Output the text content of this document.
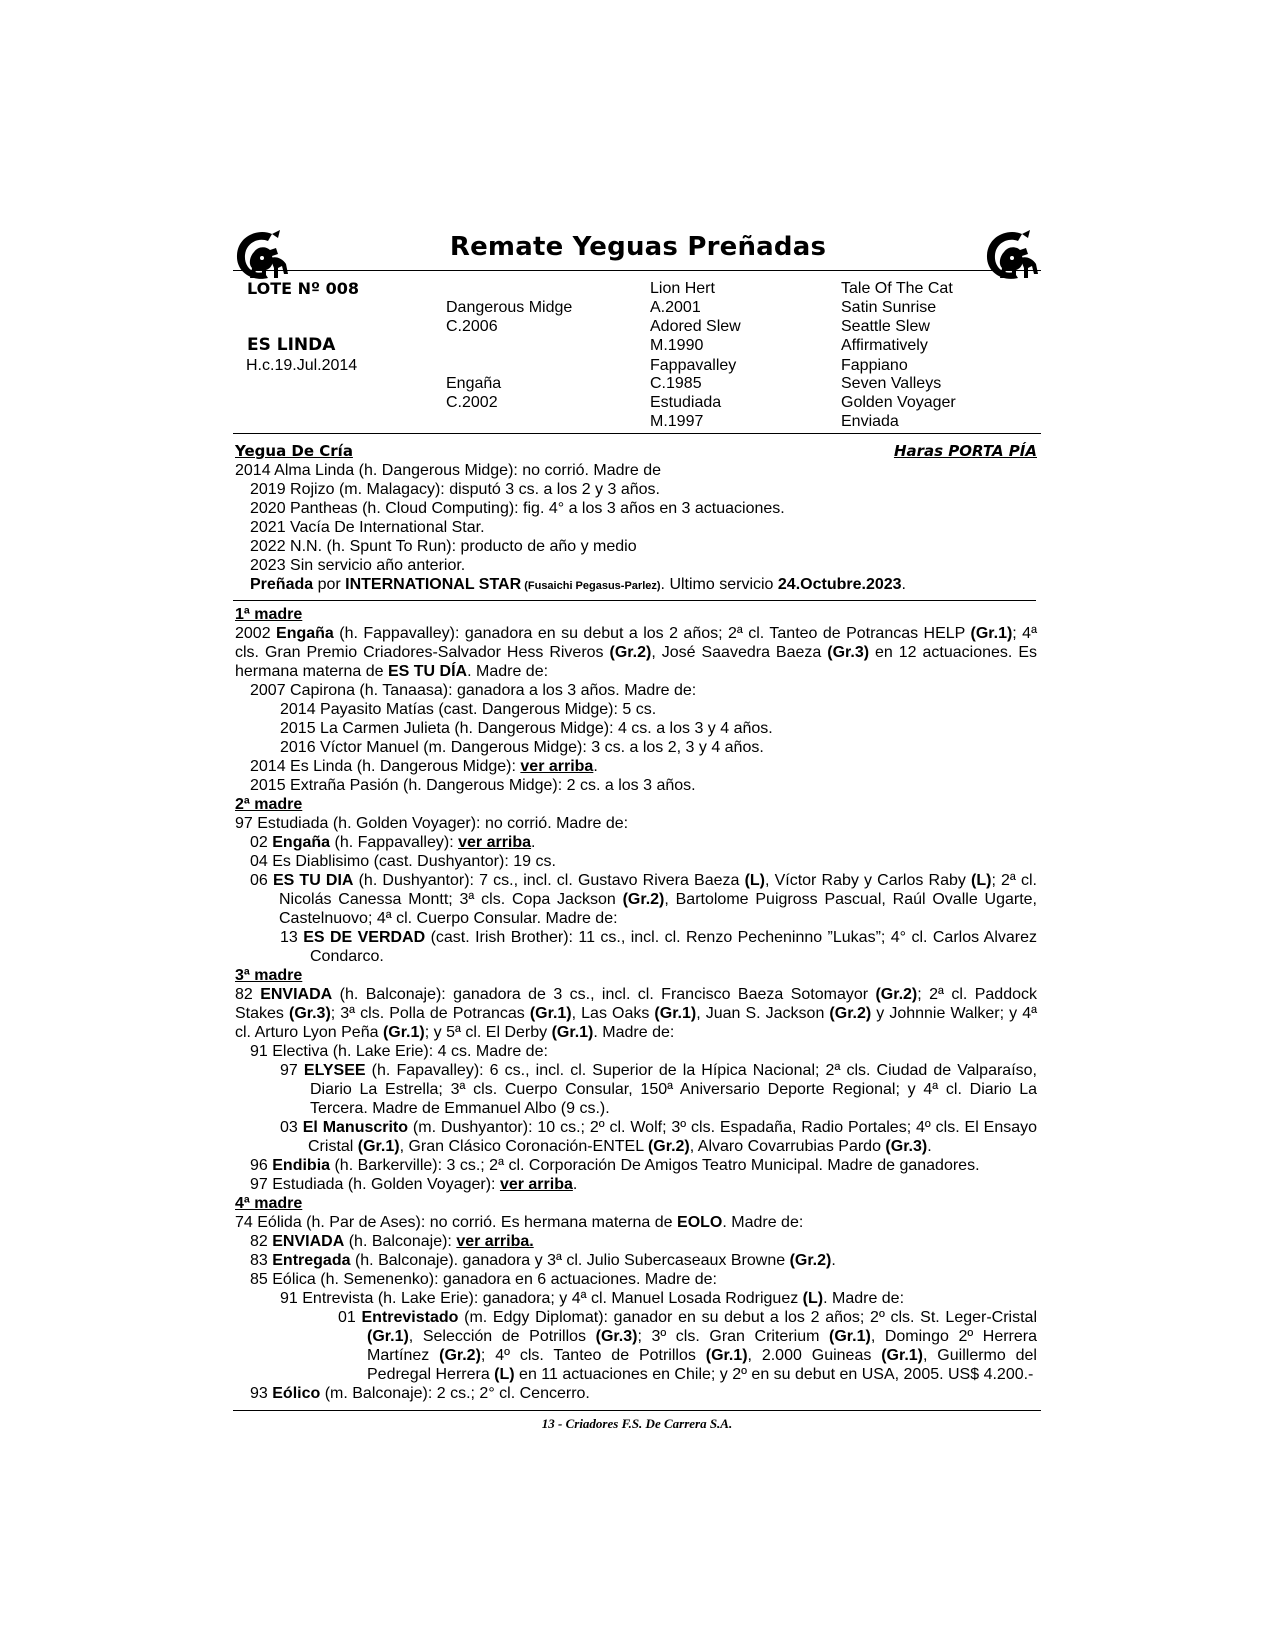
Remate Yeguas Preñadas
LOTE Nº 008
ES LINDA
H.c.19.Jul.2014
Dangerous Midge
C.2006
Engaña
C.2002
Lion Hert
A.2001
Adored Slew
M.1990
Fappavalley
C.1985
Estudiada
M.1997
Tale Of The Cat
Satin Sunrise
Seattle Slew
Affirmatively
Fappiano
Seven Valleys
Golden Voyager
Enviada
Yegua De Cría	Haras PORTA PÍA
2014 Alma Linda (h. Dangerous Midge): no corrió. Madre de
2019 Rojizo (m. Malagacy): disputó 3 cs. a los 2 y 3 años.
2020 Pantheas (h. Cloud Computing): fig. 4° a los 3 años en 3 actuaciones.
2021 Vacía De International Star.
2022 N.N. (h. Spunt To Run): producto de año y medio
2023 Sin servicio año anterior.
Preñada por INTERNATIONAL STAR (Fusaichi Pegasus-Parlez). Ultimo servicio 24.Octubre.2023.
1ª madre
2002 Engaña (h. Fappavalley): ganadora en su debut a los 2 años; 2ª cl. Tanteo de Potrancas HELP (Gr.1); 4ª cls. Gran Premio Criadores-Salvador Hess Riveros (Gr.2), José Saavedra Baeza (Gr.3) en 12 actuaciones. Es hermana materna de ES TU DÍA. Madre de:
2007 Capirona (h. Tanaasa): ganadora a los 3 años. Madre de:
2014 Payasito Matías (cast. Dangerous Midge): 5 cs.
2015 La Carmen Julieta (h. Dangerous Midge): 4 cs. a los 3 y 4 años.
2016 Víctor Manuel (m. Dangerous Midge): 3 cs. a los 2, 3 y 4 años.
2014 Es Linda (h. Dangerous Midge): ver arriba.
2015 Extraña Pasión (h. Dangerous Midge): 2 cs. a los 3 años.
2ª madre
97 Estudiada (h. Golden Voyager): no corrió. Madre de:
02 Engaña (h. Fappavalley): ver arriba.
04 Es Diablisimo (cast. Dushyantor): 19 cs.
06 ES TU DIA (h. Dushyantor): 7 cs., incl. cl. Gustavo Rivera Baeza (L), Víctor Raby y Carlos Raby (L); 2ª cl. Nicolás Canessa Montt; 3ª cls. Copa Jackson (Gr.2), Bartolome Puigross Pascual, Raúl Ovalle Ugarte, Castelnuovo; 4ª cl. Cuerpo Consular. Madre de:
13 ES DE VERDAD (cast. Irish Brother): 11 cs., incl. cl. Renzo Pecheninno ”Lukas”; 4° cl. Carlos Alvarez Condarco.
3ª madre
82 ENVIADA (h. Balconaje): ganadora de 3 cs., incl. cl. Francisco Baeza Sotomayor (Gr.2); 2ª cl. Paddock Stakes (Gr.3); 3ª cls. Polla de Potrancas (Gr.1), Las Oaks (Gr.1), Juan S. Jackson (Gr.2) y Johnnie Walker; y 4ª cl. Arturo Lyon Peña (Gr.1); y 5ª cl. El Derby (Gr.1). Madre de:
91 Electiva (h. Lake Erie): 4 cs. Madre de:
97 ELYSEE (h. Fapavalley): 6 cs., incl. cl. Superior de la Hípica Nacional; 2ª cls. Ciudad de Valparaíso, Diario La Estrella; 3ª cls. Cuerpo Consular, 150ª Aniversario Deporte Regional; y 4ª cl. Diario La Tercera. Madre de Emmanuel Albo (9 cs.).
03 El Manuscrito (m. Dushyantor): 10 cs.; 2º cl. Wolf; 3º cls. Espadaña, Radio Portales; 4º cls. El Ensayo Cristal (Gr.1), Gran Clásico Coronación-ENTEL (Gr.2), Alvaro Covarrubias Pardo (Gr.3).
96 Endibia (h. Barkerville): 3 cs.; 2ª cl. Corporación De Amigos Teatro Municipal. Madre de ganadores.
97 Estudiada (h. Golden Voyager): ver arriba.
4ª madre
74 Eólida (h. Par de Ases): no corrió. Es hermana materna de EOLO. Madre de:
82 ENVIADA (h. Balconaje): ver arriba.
83 Entregada (h. Balconaje). ganadora y 3ª cl. Julio Subercaseaux Browne (Gr.2).
85 Eólica (h. Semenenko): ganadora en 6 actuaciones. Madre de:
91 Entrevista (h. Lake Erie): ganadora; y 4ª cl. Manuel Losada Rodriguez (L). Madre de:
01 Entrevistado (m. Edgy Diplomat): ganador en su debut a los 2 años; 2º cls. St. Leger-Cristal (Gr.1), Selección de Potrillos (Gr.3); 3º cls. Gran Criterium (Gr.1), Domingo 2º Herrera Martínez (Gr.2); 4º cls. Tanteo de Potrillos (Gr.1), 2.000 Guineas (Gr.1), Guillermo del Pedregal Herrera (L) en 11 actuaciones en Chile; y 2º en su debut en USA, 2005. US$ 4.200.-
93 Eólico (m. Balconaje): 2 cs.; 2° cl. Cencerro.
13 - Criadores F.S. De Carrera S.A.
